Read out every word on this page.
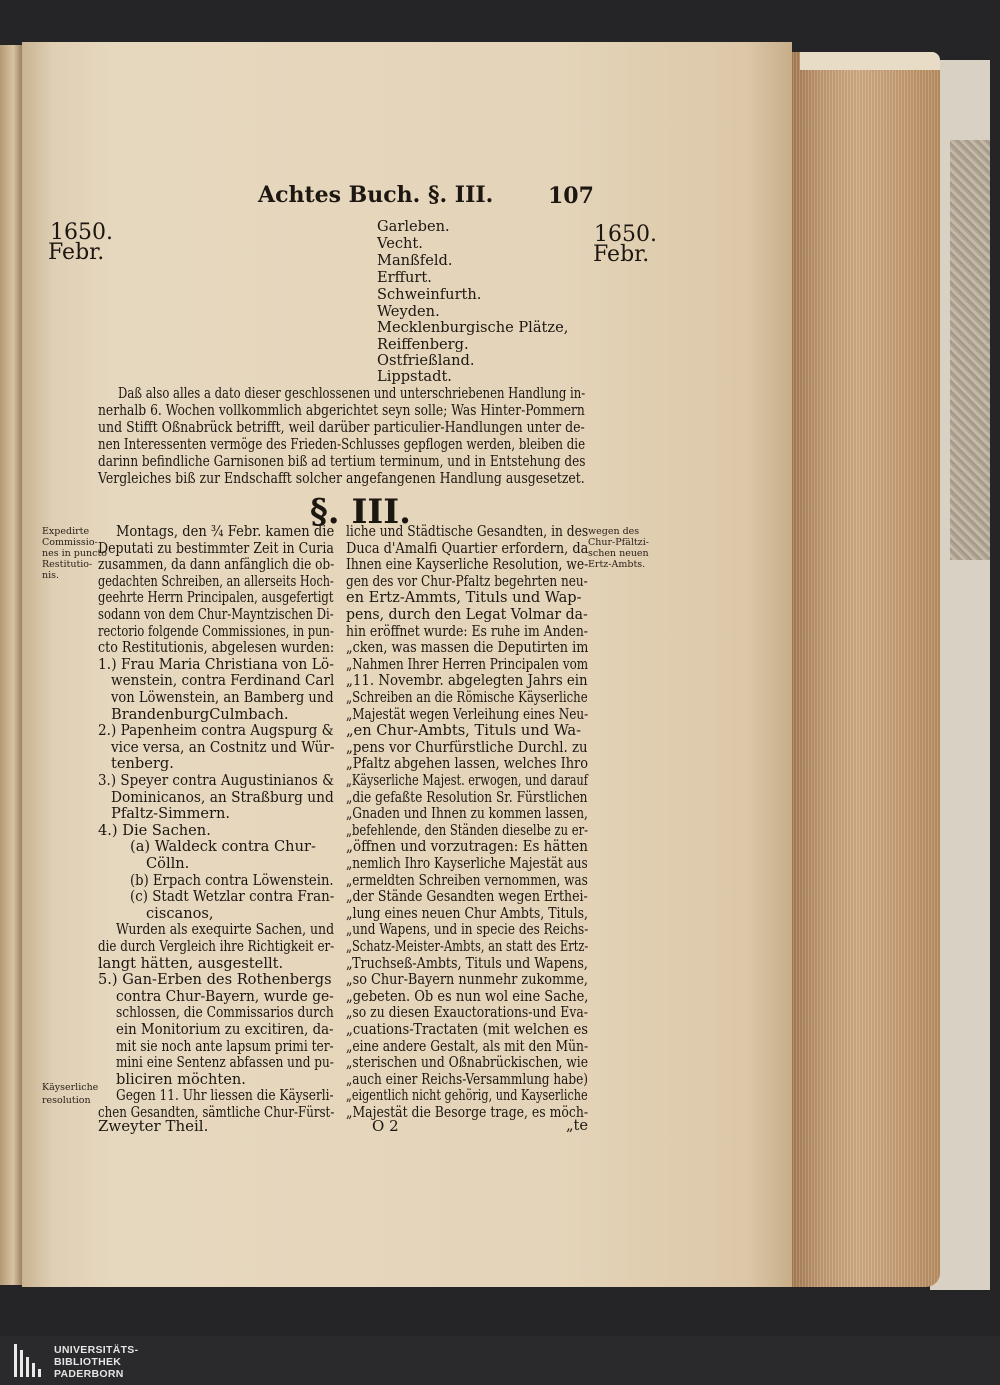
Achtes Buch. §. III. 107
1650.
Febr.
1650.
Febr.
Garleben.
Vecht.
Manßfeld.
Erffurt.
Schweinfurth.
Weyden.
Mecklenburgische Plätze,
Reiffenberg.
Ostfrießland.
Lippstadt.
Daß also alles a dato dieser geschlossenen und unterschriebenen Handlung in-
nerhalb 6. Wochen vollkommlich abgerichtet seyn solle; Was Hinter-Pommern
und Stifft Oßnabrück betrifft, weil darüber particulier-Handlungen unter de-
nen Interessenten vermöge des Frieden-Schlusses gepflogen werden, bleiben die
darinn befindliche Garnisonen biß ad tertium terminum, und in Entstehung des
Vergleiches biß zur Endschafft solcher angefangenen Handlung ausgesetzet.
§. III.
Expedirte
Commissio-
nes in puncto
Restitutio-
nis.
Käyserliche
resolution
wegen des
Chur-Pfältzi-
schen neuen
Ertz-Ambts.
Zweyter Theil.	O 2	„te
Montags, den ¾ Febr. kamen die
Deputati zu bestimmter Zeit in Curia
zusammen, da dann anfänglich die ob-
gedachten Schreiben, an allerseits Hoch-
geehrte Herrn Principalen, ausgefertigt
sodann von dem Chur-Mayntzischen Di-
rectorio folgende Commissiones, in pun-
cto Restitutionis, abgelesen wurden:
1.) Frau Maria Christiana von Lö-
wenstein, contra Ferdinand Carl
von Löwenstein, an Bamberg und
BrandenburgCulmbach.
2.) Papenheim contra Augspurg &
vice versa, an Costnitz und Wür-
tenberg.
3.) Speyer contra Augustinianos &
Dominicanos, an Straßburg und
Pfaltz-Simmern.
4.) Die Sachen.
(a) Waldeck contra Chur-
Cölln.
(b) Erpach contra Löwenstein.
(c) Stadt Wetzlar contra Fran-
ciscanos,
Wurden als exequirte Sachen, und
die durch Vergleich ihre Richtigkeit er-
langt hätten, ausgestellt.
5.) Gan-Erben des Rothenbergs
contra Chur-Bayern, wurde ge-
schlossen, die Commissarios durch
ein Monitorium zu excitiren, da-
mit sie noch ante lapsum primi ter-
mini eine Sentenz abfassen und pu-
bliciren möchten.
Gegen 11. Uhr liessen die Käyserli-
chen Gesandten, sämtliche Chur-Fürst-
liche und Städtische Gesandten, in des
Duca d'Amalfi Quartier erfordern, da
Ihnen eine Kayserliche Resolution, we-
gen des vor Chur-Pfaltz begehrten neu-
en Ertz-Ammts, Tituls und Wap-
pens, durch den Legat Volmar da-
hin eröffnet wurde: Es ruhe im Anden-
„cken, was massen die Deputirten im
„Nahmen Ihrer Herren Principalen vom
„11. Novembr. abgelegten Jahrs ein
„Schreiben an die Römische Käyserliche
„Majestät wegen Verleihung eines Neu-
„en Chur-Ambts, Tituls und Wa-
„pens vor Churfürstliche Durchl. zu
„Pfaltz abgehen lassen, welches Ihro
„Käyserliche Majest. erwogen, und darauf
„die gefaßte Resolution Sr. Fürstlichen
„Gnaden und Ihnen zu kommen lassen,
„befehlende, den Ständen dieselbe zu er-
„öffnen und vorzutragen: Es hätten
„nemlich Ihro Kayserliche Majestät aus
„ermeldten Schreiben vernommen, was
„der Stände Gesandten wegen Erthei-
„lung eines neuen Chur Ambts, Tituls,
„und Wapens, und in specie des Reichs-
„Schatz-Meister-Ambts, an statt des Ertz-
„Truchseß-Ambts, Tituls und Wapens,
„so Chur-Bayern nunmehr zukomme,
„gebeten. Ob es nun wol eine Sache,
„so zu diesen Exauctorations-und Eva-
„cuations-Tractaten (mit welchen es
„eine andere Gestalt, als mit den Mün-
„sterischen und Oßnabrückischen, wie
„auch einer Reichs-Versammlung habe)
„eigentlich nicht gehörig, und Kayserliche
„Majestät die Besorge trage, es möch-
UNIVERSITÄTS-
BIBLIOTHEK
PADERBORN
